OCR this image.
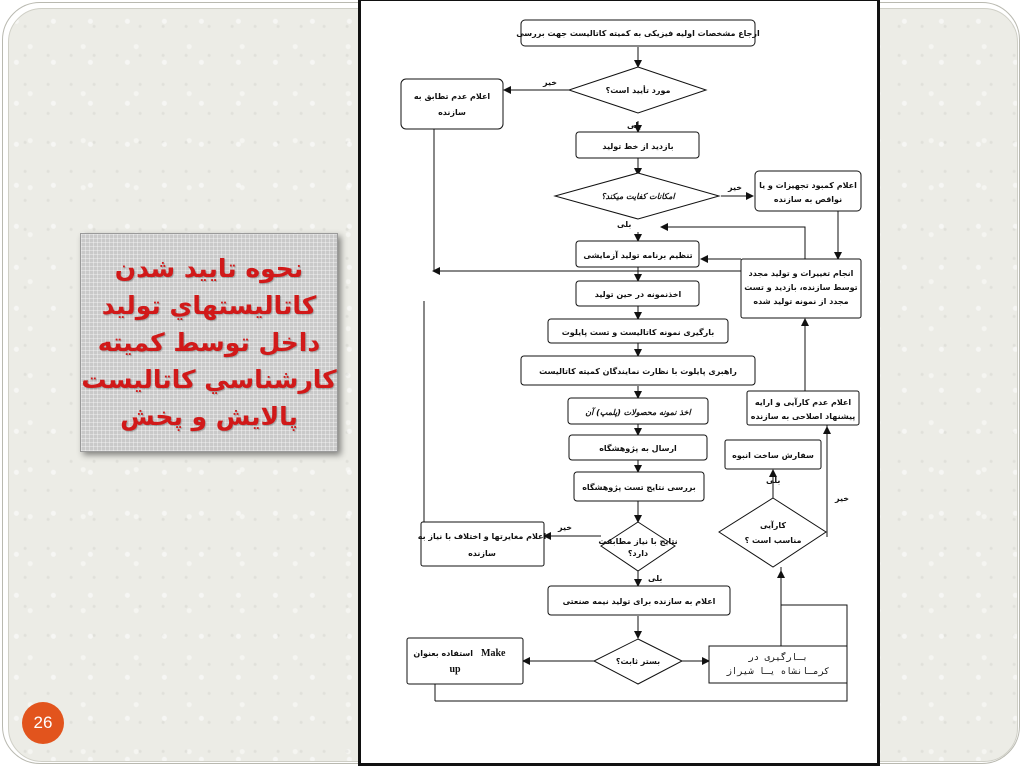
نحوه تاييد شدن
كاتاليستهاي توليد
داخل توسط كميته
كارشناسي كاتاليست
پالايش و پخش
26
ارجاع مشخصات اولیه فیزیکی به کمیته کاتالیست جهت بررسی
اعلام عدم تطابق به
سازنده
بازدید از خط تولید
اعلام کمبود تجهیزات و یا
نواقص به سازنده
تنظیم برنامه تولید آزمایشی
انجام تغییرات و تولید مجدد
توسط سازنده، بازدید و تست
مجدد از نمونه تولید شده
اخذنمونه در حین تولید
بارگیری نمونه کاتالیست و تست پایلوت
راهبری پایلوت با نظارت نمایندگان کمیته کاتالیست
اخذ نمونه محصولات (پلمپ) آن
اعلام عدم کارآیی و ارایه
پیشنهاد اصلاحی به سازنده
ارسال به پژوهشگاه
سفارش ساخت انبوه
بررسی نتایج تست پژوهشگاه
اعلام مغایرتها و اختلاف با نیاز به
سازنده
اعلام به سازنده برای تولید نیمه صنعتی
استفاده بعنوان Make
up
بـارگیری در
کرمـانشاه یـا شیراز
مورد تأیید است؟
امکانات کفایت میکند؟
نتایج با نیاز مطابقت
دارد؟
بستر ثابت؟
کارآیی
مناسب است ؟
خیر
بلی
خیر
بلی
خیر
بلی
بلی
خیر
